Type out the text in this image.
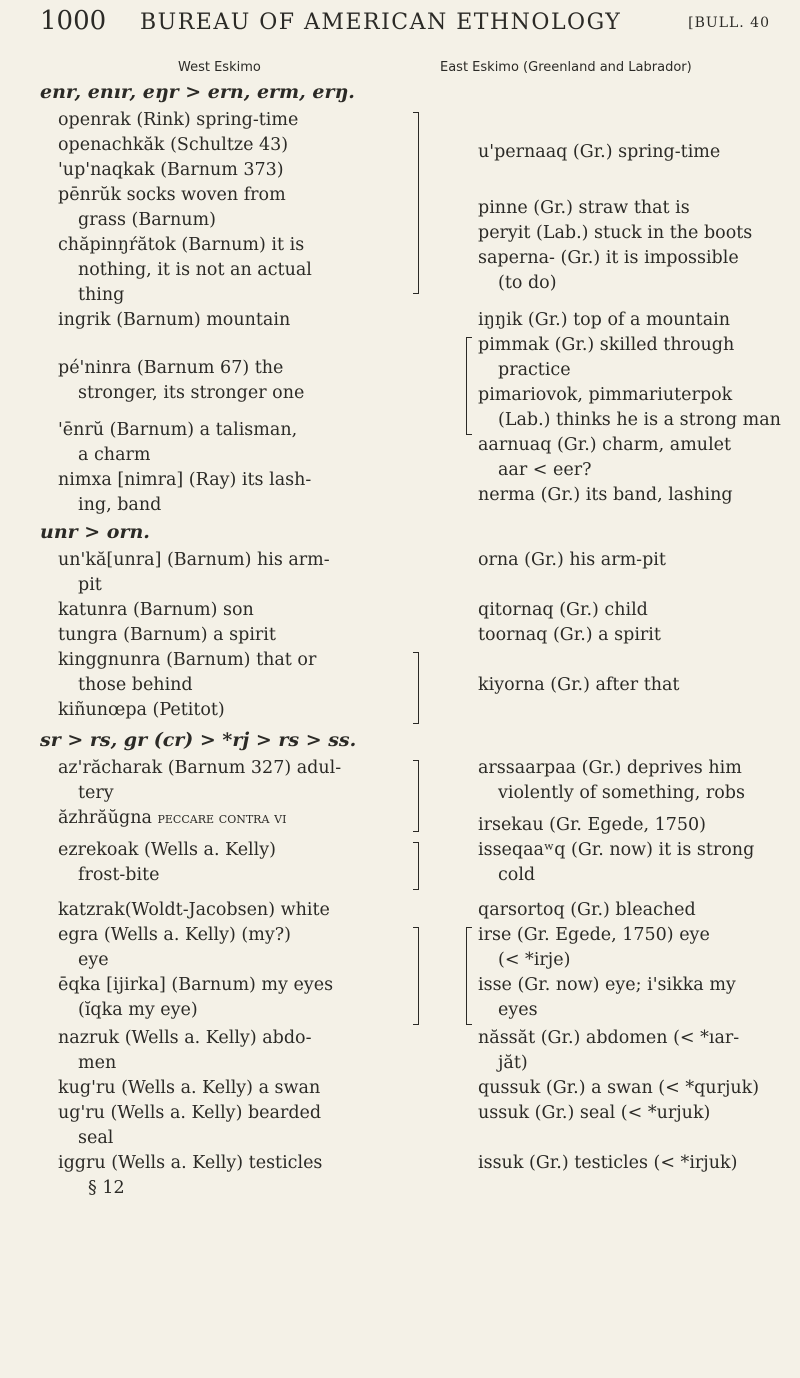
1000 BUREAU OF AMERICAN ETHNOLOGY	[BULL. 40
West Eskimo	East Eskimo (Greenland and Labrador)
enr, enır, eŋr > ern, erm, erŋ.
openrak (Rink) spring-time
openachkăk (Schultze 43)
'up'naqkak (Barnum 373)
pēnrŭk socks woven from
grass (Barnum)
chăpinŋŕătok (Barnum) it is
nothing, it is not an actual
thing
ingrik (Barnum) mountain
pé'ninra (Barnum 67) the
stronger, its stronger one
'ēnrŭ (Barnum) a talisman,
a charm
nimxa [nimra] (Ray) its lash-
ing, band
unr > orn.
un'kă[unra] (Barnum) his arm-
pit
katunra (Barnum) son
tungra (Barnum) a spirit
kinggnunra (Barnum) that or
those behind
kiñunœpa (Petitot)
sr > rs, gr (cr) > *rj > rs > ss.
az'răcharak (Barnum 327) adul-
tery
ăzhrăŭgna peccare contra vi
ezrekoak (Wells a. Kelly)
frost-bite
katzrak(Woldt-Jacobsen) white
egra (Wells a. Kelly) (my?)
eye
ēqka [ijirka] (Barnum) my eyes
(ĭqka my eye)
nazruk (Wells a. Kelly) abdo-
men
kug'ru (Wells a. Kelly) a swan
ug'ru (Wells a. Kelly) bearded
seal
iggru (Wells a. Kelly) testicles
§ 12
u'pernaaq (Gr.) spring-time
pinne (Gr.) straw that is
peryit (Lab.) stuck in the boots
saperna- (Gr.) it is impossible
(to do)
iŋŋik (Gr.) top of a mountain
pimmak (Gr.) skilled through
practice
pimariovok, pimmariuterpok
(Lab.) thinks he is a strong man
aarnuaq (Gr.) charm, amulet
aar < eer?
nerma (Gr.) its band, lashing
orna (Gr.) his arm-pit
qitornaq (Gr.) child
toornaq (Gr.) a spirit
kiyorna (Gr.) after that
arssaarpaa (Gr.) deprives him
violently of something, robs
irsekau (Gr. Egede, 1750)
isseqaaʷq (Gr. now) it is strong
cold
qarsortoq (Gr.) bleached
irse (Gr. Egede, 1750) eye
(< *irje)
isse (Gr. now) eye; i'sikka my
eyes
năssăt (Gr.) abdomen (< *ıar-
jăt)
qussuk (Gr.) a swan (< *qurjuk)
ussuk (Gr.) seal (< *urjuk)
issuk (Gr.) testicles (< *irjuk)
